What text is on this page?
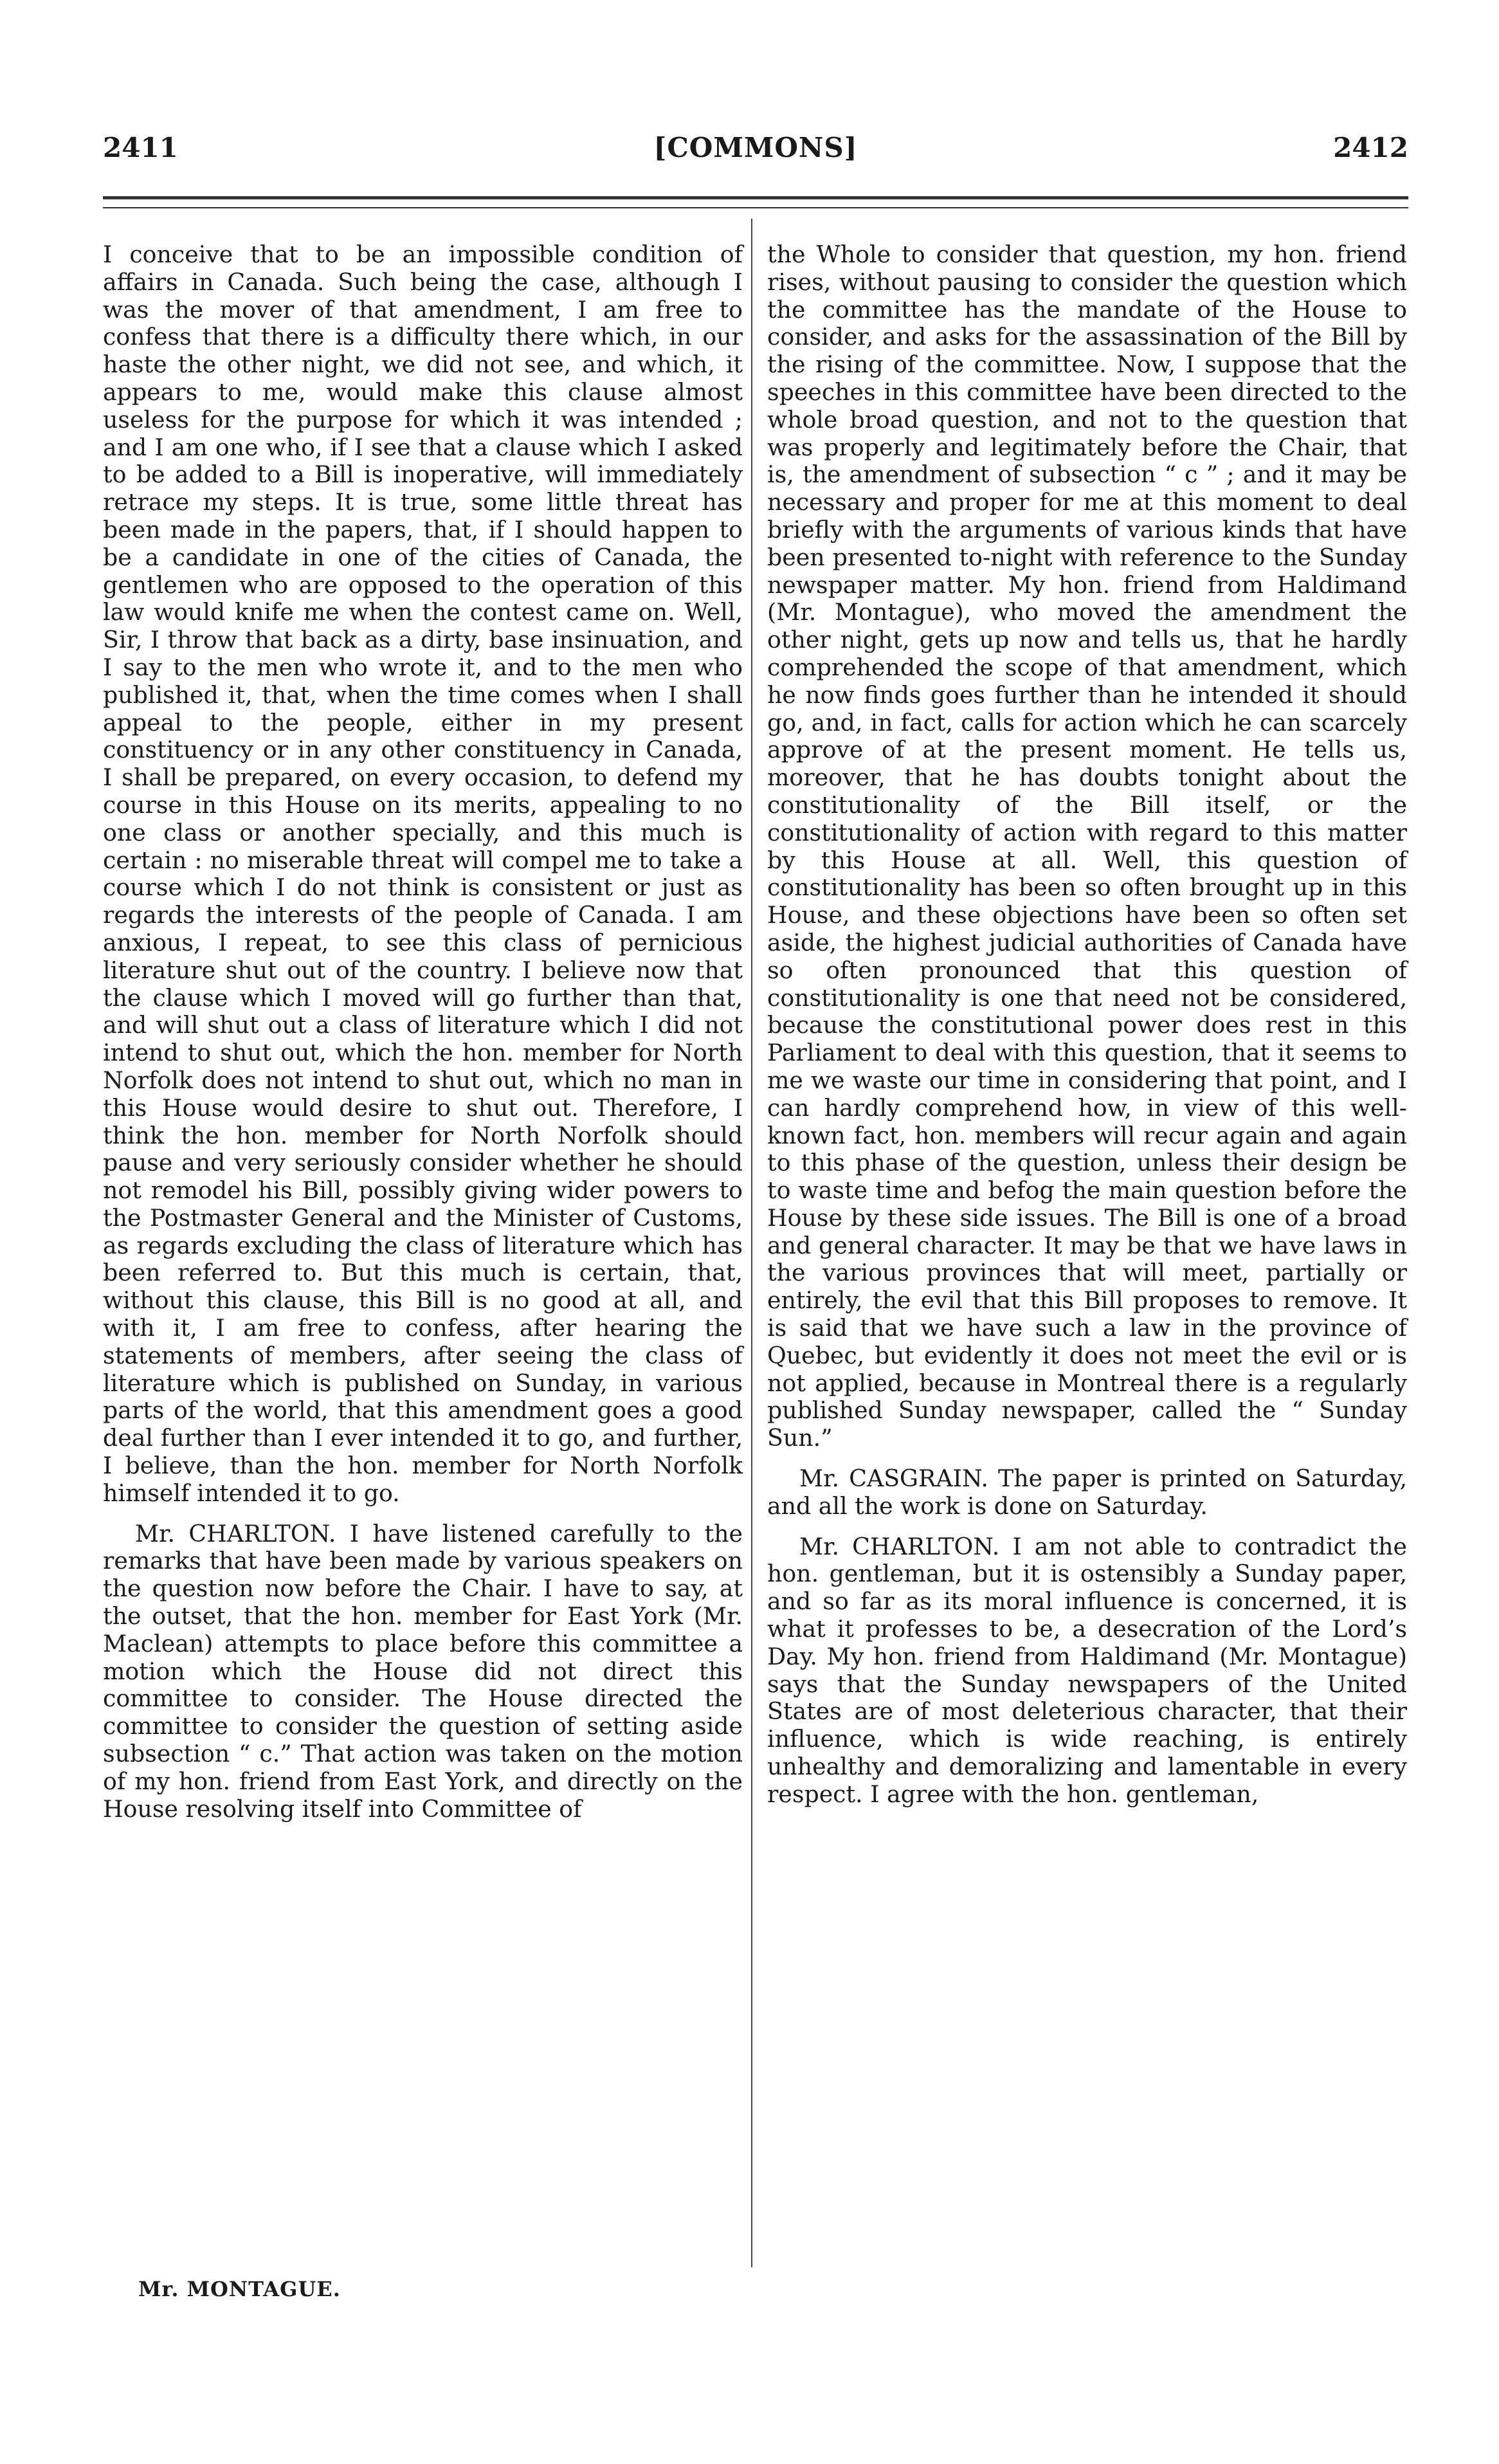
2411	[COMMONS]	2412

I conceive that to be an impossible condition of affairs in Canada. Such being the case, although I was the mover of that amendment, I am free to confess that there is a difficulty there which, in our haste the other night, we did not see, and which, it appears to me, would make this clause almost useless for the purpose for which it was intended ; and I am one who, if I see that a clause which I asked to be added to a Bill is inoperative, will immediately retrace my steps. It is true, some little threat has been made in the papers, that, if I should happen to be a candidate in one of the cities of Canada, the gentlemen who are opposed to the operation of this law would knife me when the contest came on. Well, Sir, I throw that back as a dirty, base insinuation, and I say to the men who wrote it, and to the men who published it, that, when the time comes when I shall appeal to the people, either in my present constituency or in any other constituency in Canada, I shall be prepared, on every occasion, to defend my course in this House on its merits, appealing to no one class or another specially, and this much is certain : no miserable threat will compel me to take a course which I do not think is consistent or just as regards the interests of the people of Canada. I am anxious, I repeat, to see this class of pernicious literature shut out of the country. I believe now that the clause which I moved will go further than that, and will shut out a class of literature which I did not intend to shut out, which the hon. member for North Norfolk does not intend to shut out, which no man in this House would desire to shut out. Therefore, I think the hon. member for North Norfolk should pause and very seriously consider whether he should not remodel his Bill, possibly giving wider powers to the Postmaster General and the Minister of Customs, as regards excluding the class of literature which has been referred to. But this much is certain, that, without this clause, this Bill is no good at all, and with it, I am free to confess, after hearing the statements of members, after seeing the class of literature which is published on Sunday, in various parts of the world, that this amendment goes a good deal further than I ever intended it to go, and further, I believe, than the hon. member for North Norfolk himself intended it to go.

Mr. CHARLTON. I have listened carefully to the remarks that have been made by various speakers on the question now before the Chair. I have to say, at the outset, that the hon. member for East York (Mr. Maclean) attempts to place before this committee a motion which the House did not direct this committee to consider. The House directed the committee to consider the question of setting aside subsection “ c.” That action was taken on the motion of my hon. friend from East York, and directly on the House resolving itself into Committee of

the Whole to consider that question, my hon. friend rises, without pausing to consider the question which the committee has the mandate of the House to consider, and asks for the assassination of the Bill by the rising of the committee. Now, I suppose that the speeches in this committee have been directed to the whole broad question, and not to the question that was properly and legitimately before the Chair, that is, the amendment of subsection “ c ” ; and it may be necessary and proper for me at this moment to deal briefly with the arguments of various kinds that have been presented to-night with reference to the Sunday newspaper matter. My hon. friend from Haldimand (Mr. Montague), who moved the amendment the other night, gets up now and tells us, that he hardly comprehended the scope of that amendment, which he now finds goes further than he intended it should go, and, in fact, calls for action which he can scarcely approve of at the present moment. He tells us, moreover, that he has doubts tonight about the constitutionality of the Bill itself, or the constitutionality of action with regard to this matter by this House at all. Well, this question of constitutionality has been so often brought up in this House, and these objections have been so often set aside, the highest judicial authorities of Canada have so often pronounced that this question of constitutionality is one that need not be considered, because the constitutional power does rest in this Parliament to deal with this question, that it seems to me we waste our time in considering that point, and I can hardly comprehend how, in view of this well-known fact, hon. members will recur again and again to this phase of the question, unless their design be to waste time and befog the main question before the House by these side issues. The Bill is one of a broad and general character. It may be that we have laws in the various provinces that will meet, partially or entirely, the evil that this Bill proposes to remove. It is said that we have such a law in the province of Quebec, but evidently it does not meet the evil or is not applied, because in Montreal there is a regularly published Sunday newspaper, called the “ Sunday Sun.”

Mr. CASGRAIN. The paper is printed on Saturday, and all the work is done on Saturday.

Mr. CHARLTON. I am not able to contradict the hon. gentleman, but it is ostensibly a Sunday paper, and so far as its moral influence is concerned, it is what it professes to be, a desecration of the Lord’s Day. My hon. friend from Haldimand (Mr. Montague) says that the Sunday newspapers of the United States are of most deleterious character, that their influence, which is wide reaching, is entirely unhealthy and demoralizing and lamentable in every respect. I agree with the hon. gentleman,

Mr. MONTAGUE.
